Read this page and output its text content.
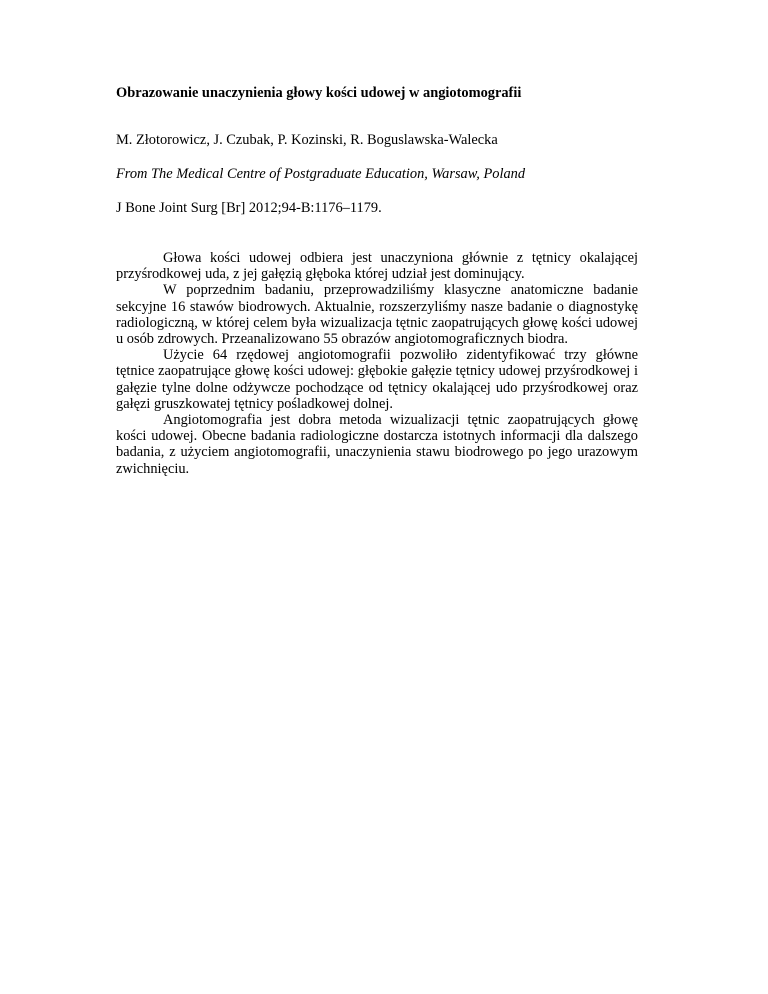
Obrazowanie unaczynienia głowy kości udowej w angiotomografii

M. Złotorowicz, J. Czubak, P. Kozinski, R. Boguslawska-Walecka

From The Medical Centre of Postgraduate Education, Warsaw, Poland

J Bone Joint Surg [Br] 2012;94-B:1176–1179.

Głowa kości udowej odbiera jest unaczyniona głównie z tętnicy okalającej przyśrodkowej uda, z jej gałęzią głęboka której udział jest dominujący.

W poprzednim badaniu, przeprowadziliśmy klasyczne anatomiczne badanie sekcyjne 16 stawów biodrowych. Aktualnie, rozszerzyliśmy nasze badanie o diagnostykę radiologiczną, w której celem była wizualizacja tętnic zaopatrujących głowę kości udowej u osób zdrowych. Przeanalizowano 55 obrazów angiotomograficznych biodra.

Użycie 64 rzędowej angiotomografii pozwoliło zidentyfikować trzy główne tętnice zaopatrujące głowę kości udowej: głębokie gałęzie tętnicy udowej przyśrodkowej i gałęzie tylne dolne odżywcze pochodzące od tętnicy okalającej udo przyśrodkowej oraz gałęzi gruszkowatej tętnicy pośladkowej dolnej.

Angiotomografia jest dobra metoda wizualizacji tętnic zaopatrujących głowę kości udowej. Obecne badania radiologiczne dostarcza istotnych informacji dla dalszego badania, z użyciem angiotomografii, unaczynienia stawu biodrowego po jego urazowym zwichnięciu.
